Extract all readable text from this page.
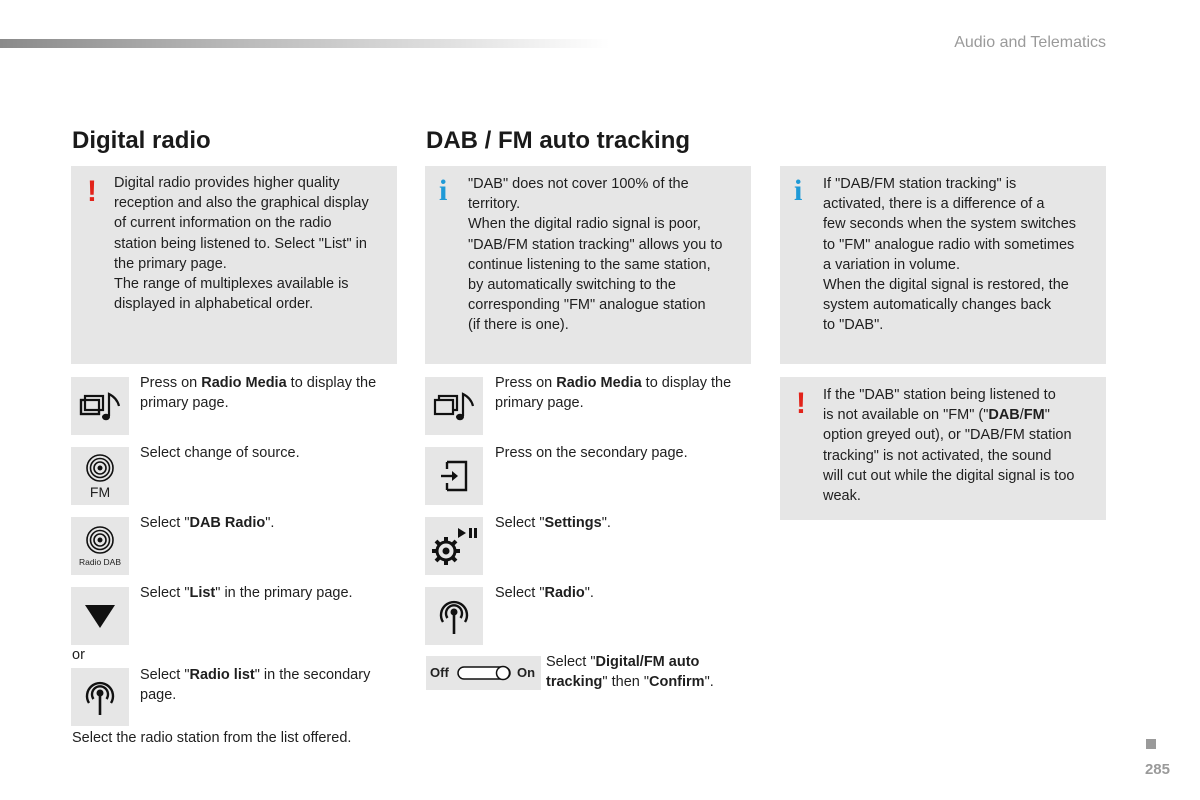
Audio and Telematics
Digital radio
! Digital radio provides higher quality

reception and also the graphical display

of current information on the radio

station being listened to. Select "List" in

the primary page.

The range of multiplexes available is

displayed in alphabetical order.

Press on Radio Media to display the
primary page.
FM
Select change of source.
Radio DAB
Select "DAB Radio".
Select "List" in the primary page.
or
Select "Radio list" in the secondary
page.
Select the radio station from the list offered.
DAB / FM auto tracking
i "DAB" does not cover 100% of the

territory.

When the digital radio signal is poor,

"DAB/FM station tracking" allows you to

continue listening to the same station,

by automatically switching to the

corresponding "FM" analogue station

(if there is one).

Press on Radio Media to display the
primary page.
Press on the secondary page.
Select "Settings".
Select "Radio".
Off	On
Select "Digital/FM auto
tracking" then "Confirm".
i If "DAB/FM station tracking" is

activated, there is a difference of a

few seconds when the system switches

to "FM" analogue radio with sometimes

a variation in volume.

When the digital signal is restored, the

system automatically changes back

to "DAB".

! If the "DAB" station being listened to

is not available on "FM" ("DAB/FM"

option greyed out), or "DAB/FM station

tracking" is not activated, the sound

will cut out while the digital signal is too

weak.

285
